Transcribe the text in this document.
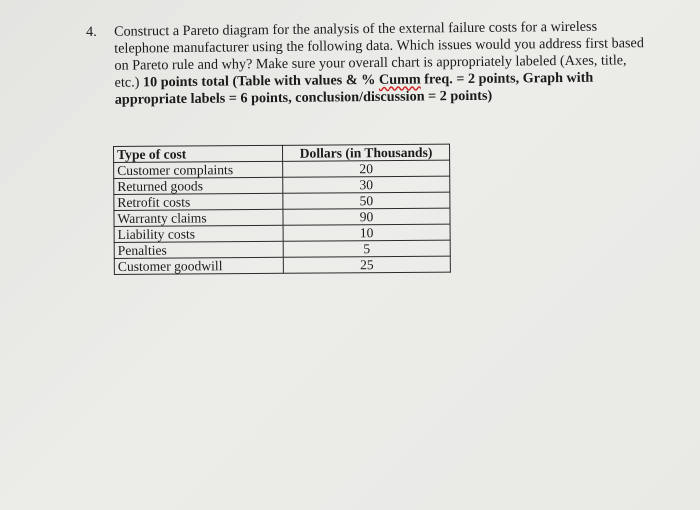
4. Construct a Pareto diagram for the analysis of the external failure costs for a wireless telephone manufacturer using the following data. Which issues would you address first based on Pareto rule and why? Make sure your overall chart is appropriately labeled (Axes, title, etc.) 10 points total (Table with values & % Cumm freq. = 2 points, Graph with appropriate labels = 6 points, conclusion/discussion = 2 points)
Type of cost	Dollars (in Thousands)
Customer complaints	20
Returned goods	30
Retrofit costs	50
Warranty claims	90
Liability costs	10
Penalties	5
Customer goodwill	25
